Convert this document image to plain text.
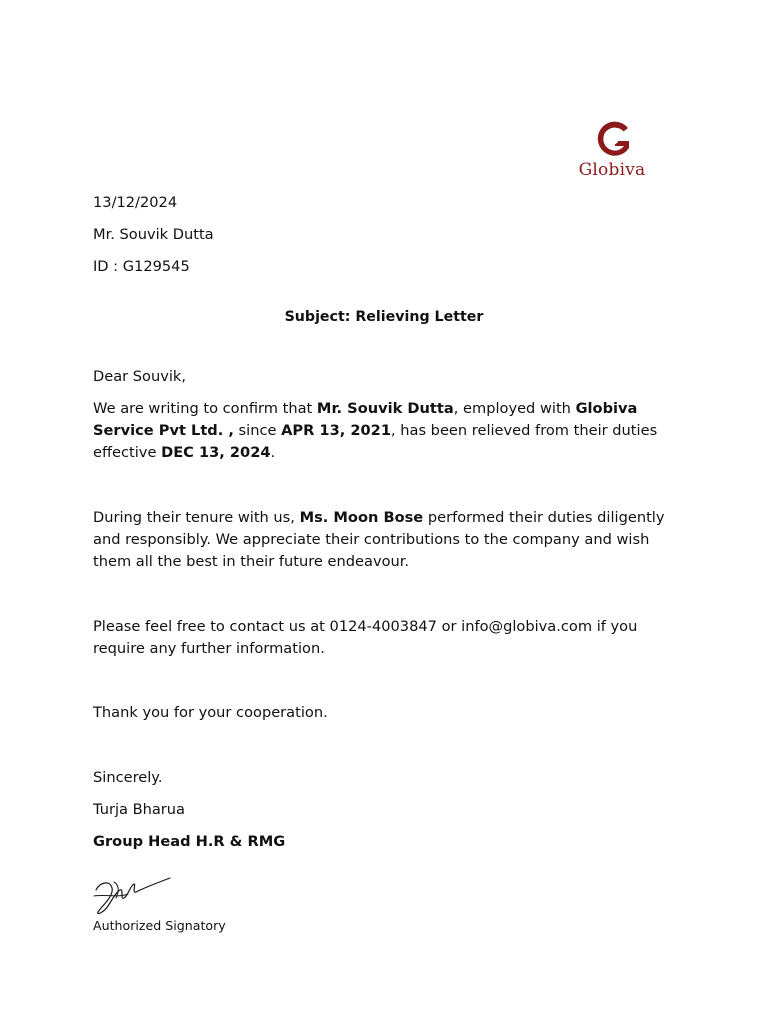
Globiva
13/12/2024
Mr. Souvik Dutta
ID : G129545
Subject: Relieving Letter
Dear Souvik,
We are writing to confirm that Mr. Souvik Dutta, employed with Globiva
Service Pvt Ltd. , since APR 13, 2021, has been relieved from their duties
effective DEC 13, 2024.
During their tenure with us, Ms. Moon Bose performed their duties diligently
and responsibly. We appreciate their contributions to the company and wish
them all the best in their future endeavour.
Please feel free to contact us at 0124-4003847 or info@globiva.com if you
require any further information.
Thank you for your cooperation.
Sincerely.
Turja Bharua
Group Head H.R & RMG
Authorized Signatory
